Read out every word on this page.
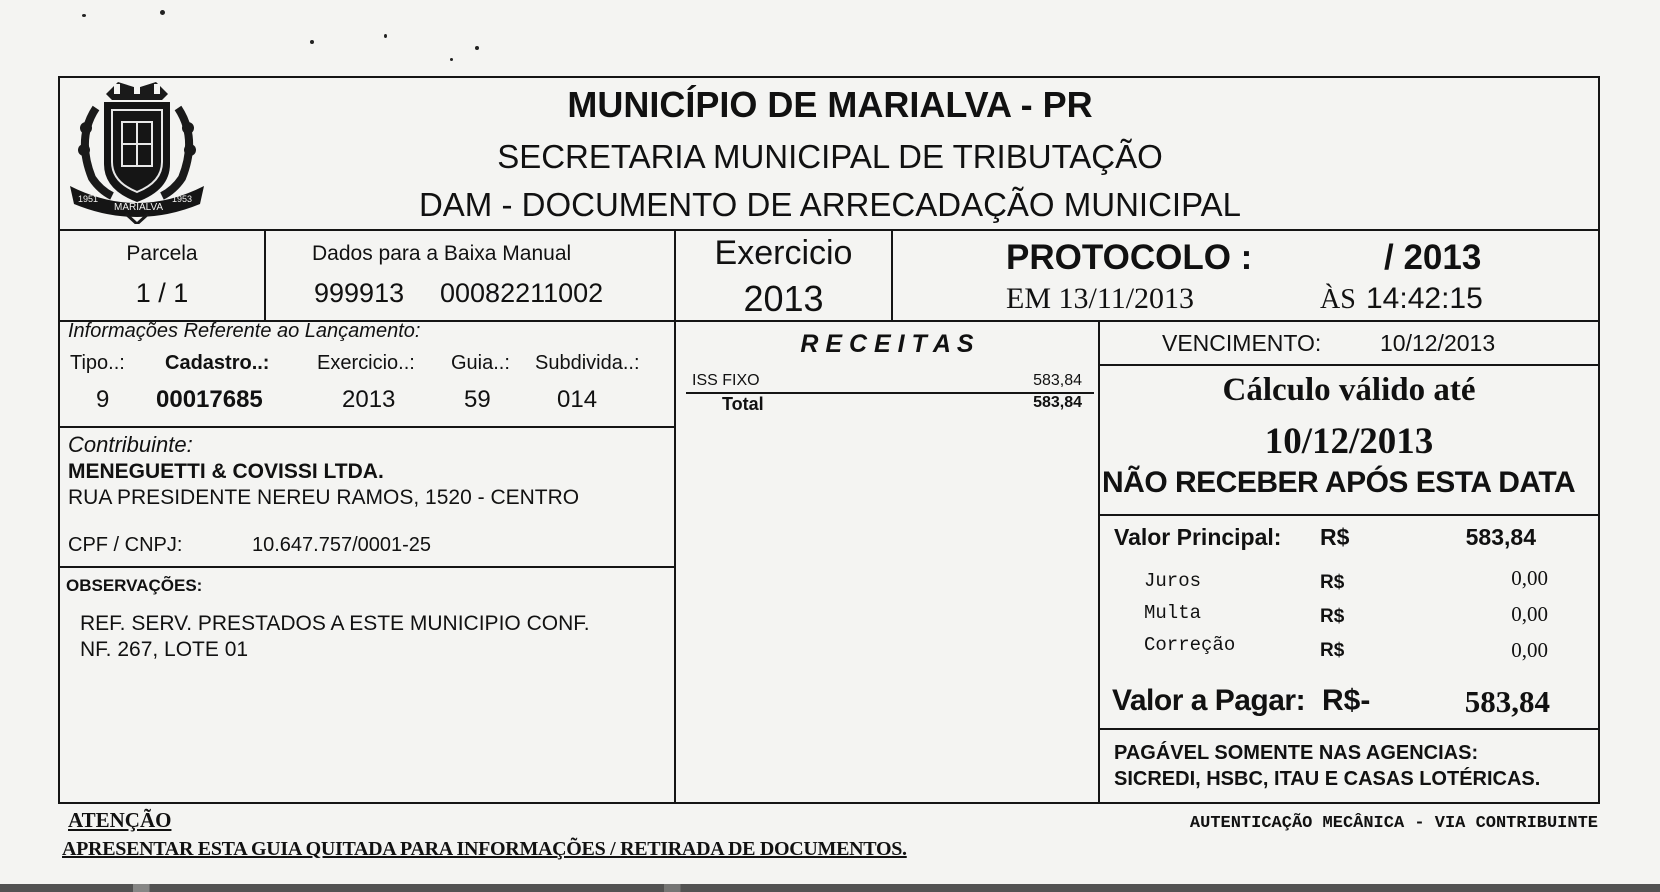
1951
MARIALVA
1953
MUNICÍPIO DE MARIALVA - PR
SECRETARIA MUNICIPAL DE TRIBUTAÇÃO
DAM - DOCUMENTO DE ARRECADAÇÃO MUNICIPAL
Parcela
1 / 1
Dados para a Baixa Manual
999913 00082211002
Exercicio
2013
PROTOCOLO :	/ 2013
EM 13/11/2013	ÀS 14:42:15
Informações Referente ao Lançamento:
Tipo..: Cadastro..: Exercicio..: Guia..: Subdivida..:
9 00017685	2013	59	014
Contribuinte:
MENEGUETTI & COVISSI LTDA.
RUA PRESIDENTE NEREU RAMOS, 1520 - CENTRO
CPF / CNPJ:	10.647.757/0001-25
OBSERVAÇÕES:
REF. SERV. PRESTADOS A ESTE MUNICIPIO CONF.
NF. 267, LOTE 01
R E C E I T A S
ISS FIXO	583,84
Total	583,84
VENCIMENTO:	10/12/2013
Cálculo válido até
10/12/2013
NÃO RECEBER APÓS ESTA DATA
Valor Principal: R$	583,84
Juros	R$	0,00
Multa	R$	0,00
Correção	R$	0,00
Valor a Pagar: R$-	583,84
PAGÁVEL SOMENTE NAS AGENCIAS:
SICREDI, HSBC, ITAU E CASAS LOTÉRICAS.
ATENÇÃO
APRESENTAR ESTA GUIA QUITADA PARA INFORMAÇÕES / RETIRADA DE DOCUMENTOS.
AUTENTICAÇÃO MECÂNICA - VIA CONTRIBUINTE
